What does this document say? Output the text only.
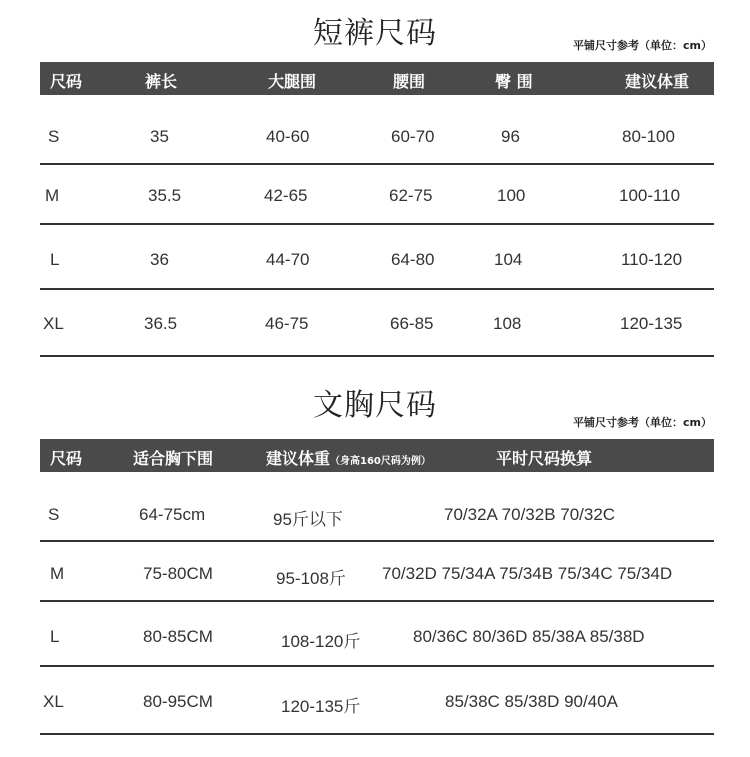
短裤尺码	平铺尺寸参考（单位：cm）
尺码	裤长	大腿围	腰围	臀 围	建议体重
S	35	40-60	60-70	96	80-100
M	35.5	42-65	62-75	100	100-110
L	36	44-70	64-80	104	110-120
XL	36.5	46-75	66-85	108	120-135
文胸尺码	平铺尺寸参考（单位：cm）
尺码	适合胸下围	建议体重（身高160尺码为例）	平时尺码换算
S	64-75cm	95斤以下	70/32A 70/32B 70/32C
M	75-80CM	95-108斤 70/32D 75/34A 75/34B 75/34C 75/34D
L	80-85CM	108-120斤	80/36C 80/36D 85/38A 85/38D
XL	80-95CM	120-135斤	85/38C 85/38D 90/40A
